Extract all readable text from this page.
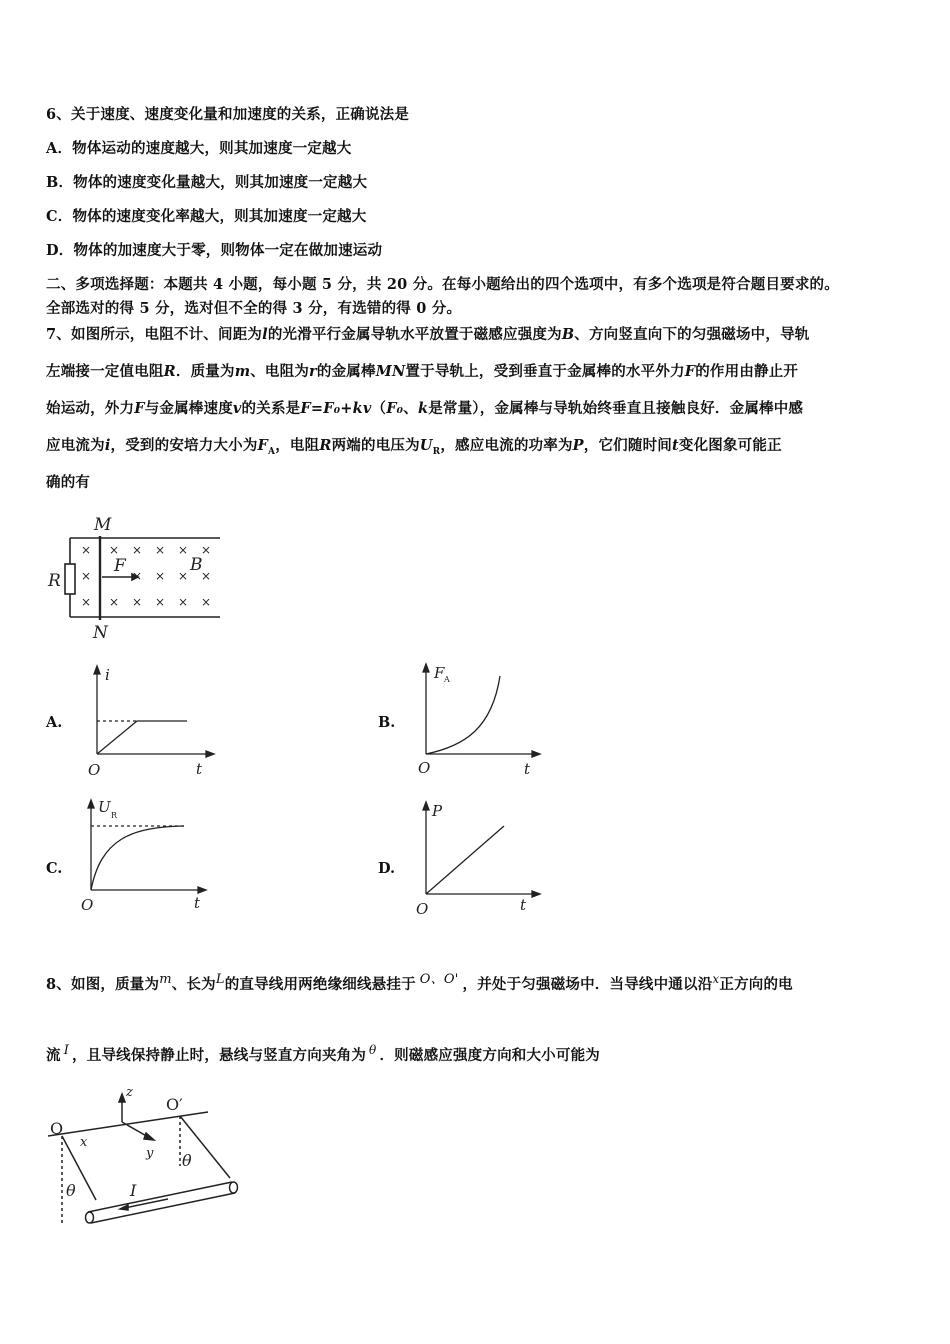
6、关于速度、速度变化量和加速度的关系，正确说法是
A．物体运动的速度越大，则其加速度一定越大
B．物体的速度变化量越大，则其加速度一定越大
C．物体的速度变化率越大，则其加速度一定越大
D．物体的加速度大于零，则物体一定在做加速运动
二、多项选择题：本题共 4 小题，每小题 5 分，共 20 分。在每小题给出的四个选项中，有多个选项是符合题目要求的。
全部选对的得 5 分，选对但不全的得 3 分，有选错的得 0 分。
7、如图所示，电阻不计、间距为l的光滑平行金属导轨水平放置于磁感应强度为B、方向竖直向下的匀强磁场中，导轨
左端接一定值电阻R．质量为m、电阻为r的金属棒MN置于导轨上，受到垂直于金属棒的水平外力F的作用由静止开
始运动，外力F与金属棒速度v的关系是F=F₀+kv（F₀、k是常量），金属棒与导轨始终垂直且接触良好．金属棒中感
应电流为i，受到的安培力大小为$F_A$，电阻R两端的电压为$U_R$，感应电流的功率为P，它们随时间t变化图象可能正
确的有
×
×
×
× × × × ×
× × × ×
× × × × ×
M
N
R
F	B
A.
i
t
O
B.
F A
t
O
C.
U R
t
O
D.
P
t
O
8、如图，质量为$^m$、长为$^L$的直导线用两绝缘细线悬挂于 $^{O、O'}$ ，并处于匀强磁场中．当导线中通以沿$^x$正方向的电
流 $^I$ ，且导线保持静止时，悬线与竖直方向夹角为 $^\theta$ ．则磁感应强度方向和大小可能为
O
O′
x
y
z
I
θ
θ
